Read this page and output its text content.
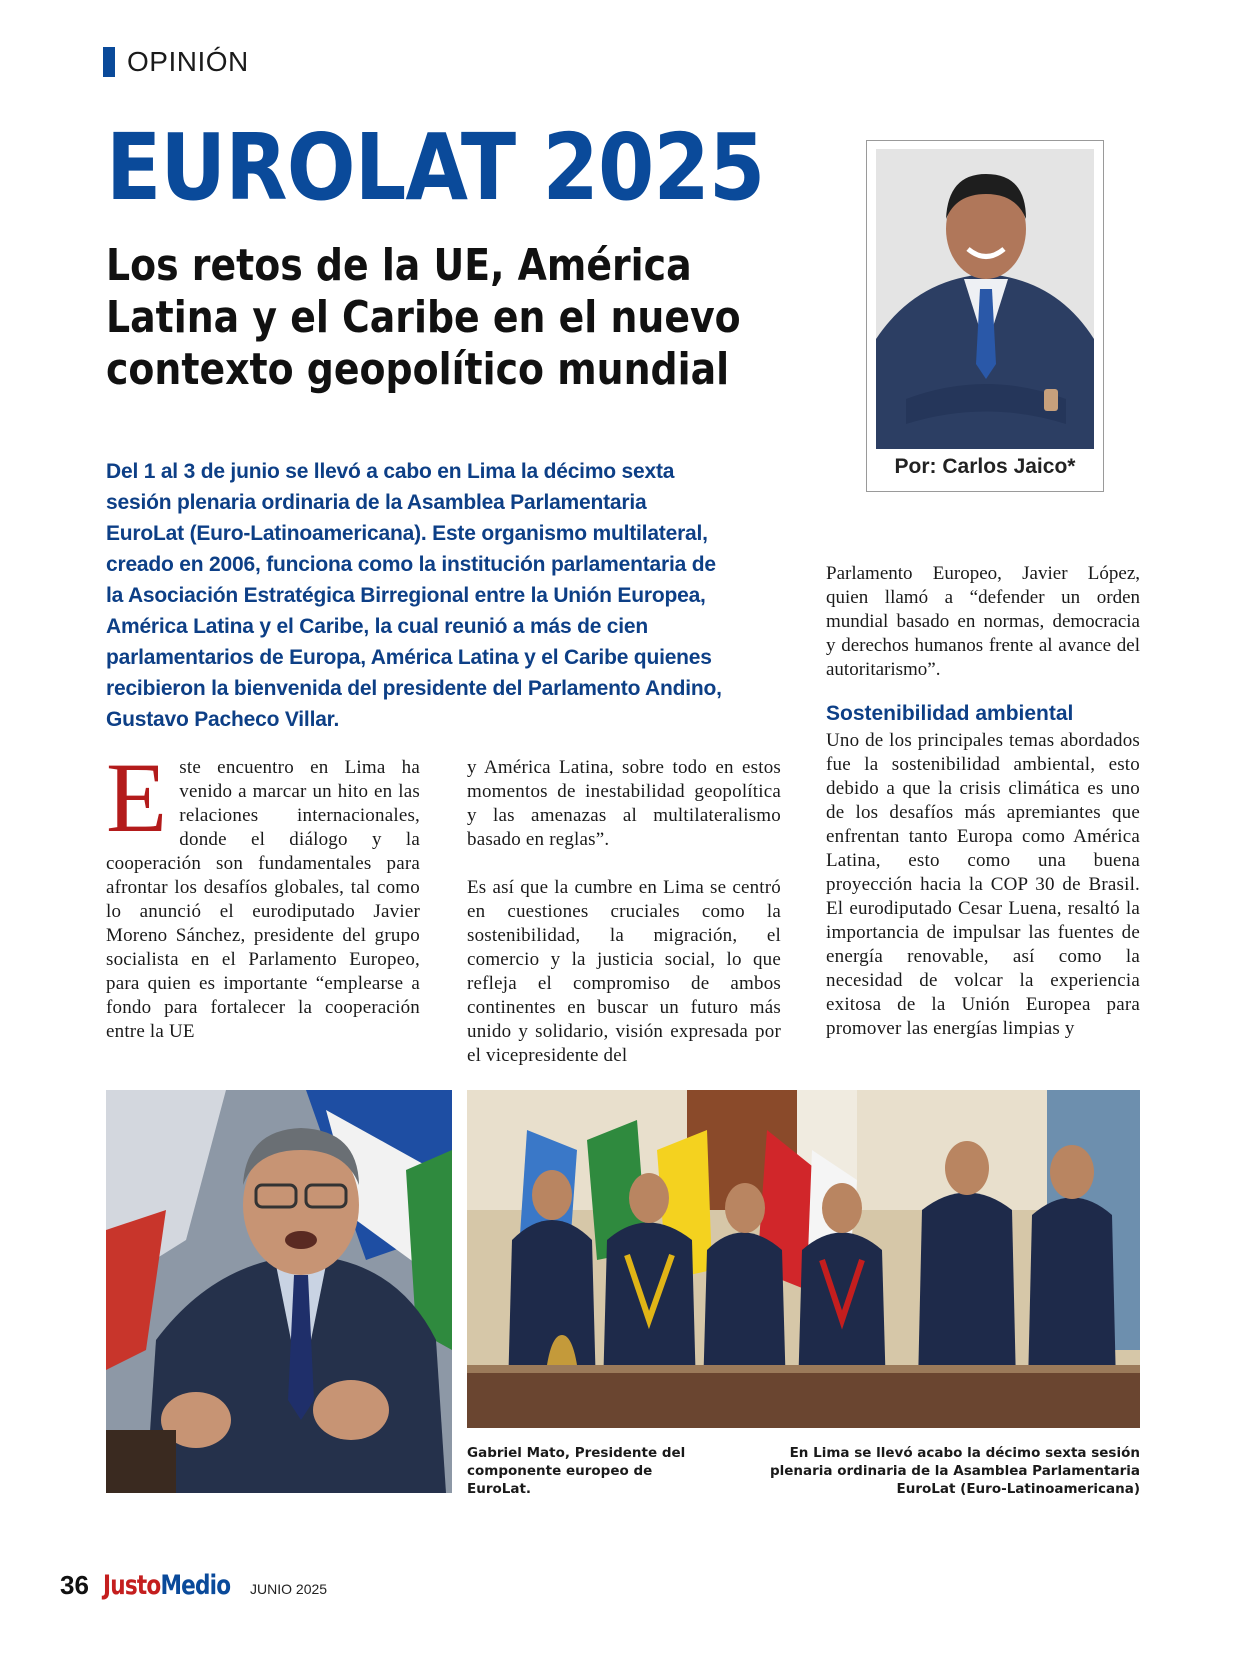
OPINIÓN
EUROLAT 2025
Los retos de la UE, América Latina y el Caribe en el nuevo contexto geopolítico mundial
Por: Carlos Jaico*

Del 1 al 3 de junio se llevó a cabo en Lima la décimo sexta sesión plenaria ordinaria de la Asamblea Parlamentaria EuroLat (Euro-Latinoamericana). Este organismo multilateral, creado en 2006, funciona como la institución parlamentaria de la Asociación Estratégica Birregional entre la Unión Europea, América Latina y el Caribe, la cual reunió a más de cien parlamentarios de Europa, América Latina y el Caribe quienes recibieron la bienvenida del presidente del Parlamento Andino, Gustavo Pacheco Villar.

E ste encuentro en Lima ha venido a marcar un hito en las relaciones internacionales, donde el diálogo y la cooperación son fundamentales para afrontar los desafíos globales, tal como lo anunció el eurodiputado Javier Moreno Sánchez, presidente del grupo socialista en el Parlamento Europeo, para quien es importante “emplearse a fondo para fortalecer la cooperación entre la UE

y América Latina, sobre todo en estos momentos de inestabilidad geopolítica y las amenazas al multilateralismo basado en reglas”.

Es así que la cumbre en Lima se centró en cuestiones cruciales como la sostenibilidad, la migración, el comercio y la justicia social, lo que refleja el compromiso de ambos continentes en buscar un futuro más unido y solidario, visión expresada por el vicepresidente del

Parlamento Europeo, Javier López, quien llamó a “defender un orden mundial basado en normas, democracia y derechos humanos frente al avance del autoritarismo”.

Sostenibilidad ambiental

Uno de los principales temas abordados fue la sostenibilidad ambiental, esto debido a que la crisis climática es uno de los desafíos más apremiantes que enfrentan tanto Europa como América Latina, esto como una buena proyección hacia la COP 30 de Brasil. El eurodiputado Cesar Luena, resaltó la importancia de impulsar las fuentes de energía renovable, así como la necesidad de volcar la experiencia exitosa de la Unión Europea para promover las energías limpias y

Gabriel Mato, Presidente del componente europeo de EuroLat.
En Lima se llevó acabo la décimo sexta sesión plenaria ordinaria de la Asamblea Parlamentaria EuroLat (Euro-Latinoamericana)
36 JustoMedio JUNIO 2025
